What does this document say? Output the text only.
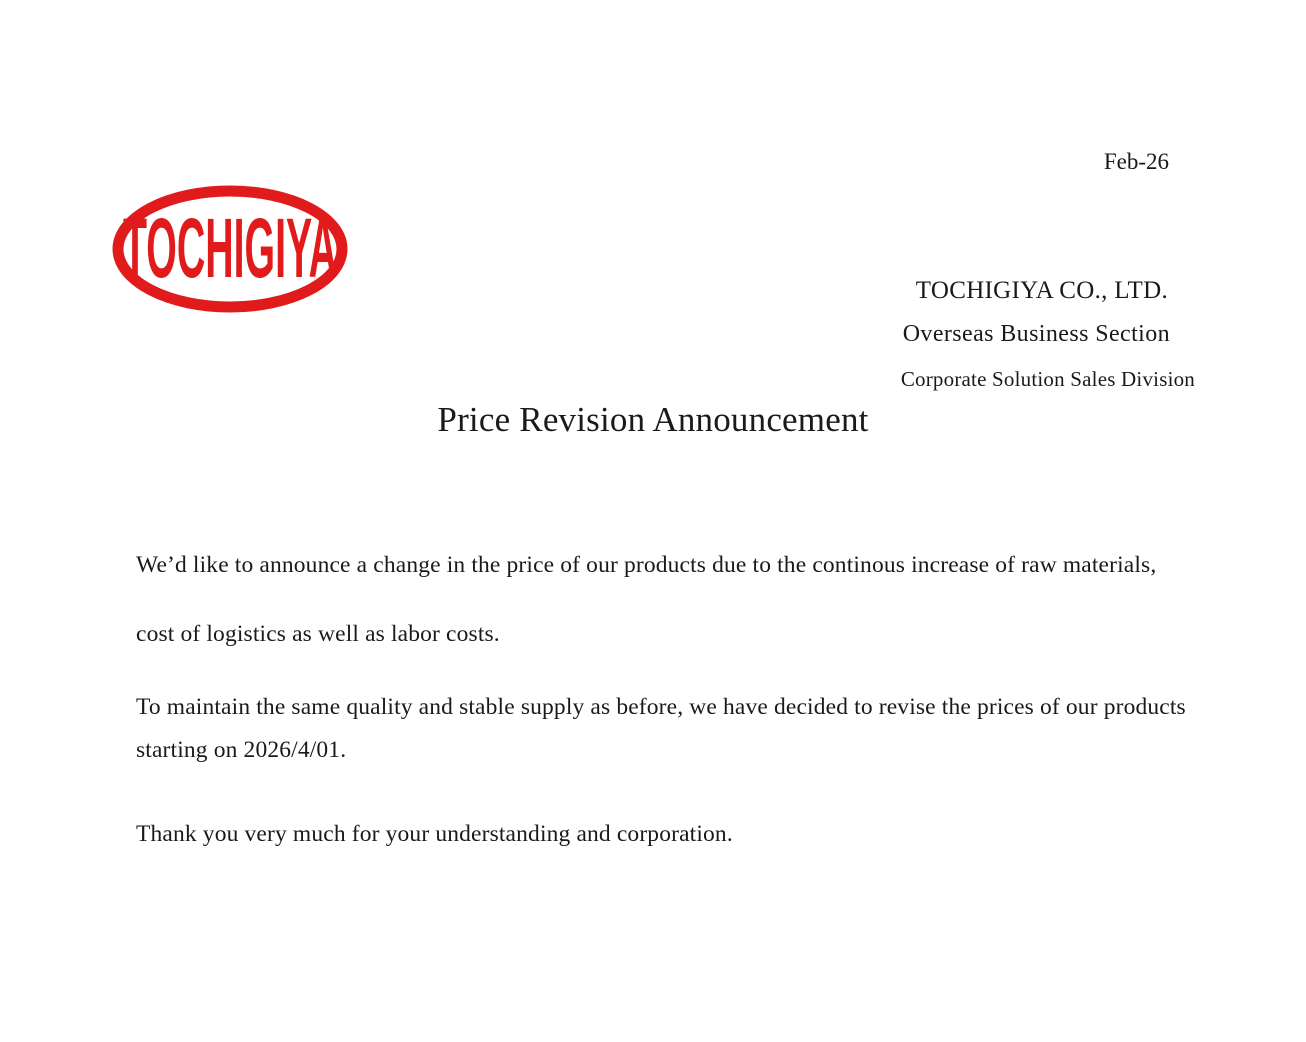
Feb-26
TOCHIGIYA	TOCHIGIYA CO., LTD.
Overseas Business Section
Corporate Solution Sales Division
Price Revision Announcement

We’d like to announce a change in the price of our products due to the continous increase of raw materials, cost of logistics as well as labor costs.

To maintain the same quality and stable supply as before, we have decided to revise the prices of our products starting on 2026/4/01.

Thank you very much for your understanding and corporation.
